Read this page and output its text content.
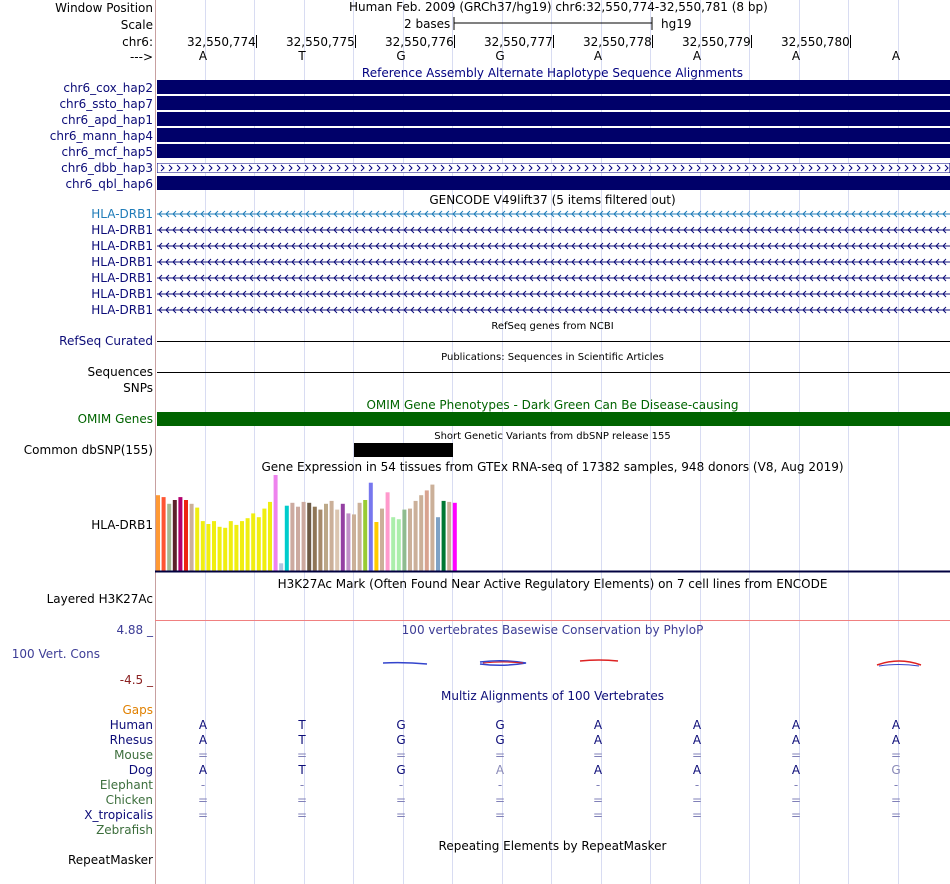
Window Position	Human Feb. 2009 (GRCh37/hg19) chr6:32,550,774-32,550,781 (8 bp)
Scale	2 bases	hg19
chr6:	32,550,774	32,550,775	32,550,776	32,550,777	32,550,778	32,550,779	32,550,780
--->	A	T	G	G	A	A	A	A
Reference Assembly Alternate Haplotype Sequence Alignments
chr6_cox_hap2
chr6_ssto_hap7
chr6_apd_hap1
chr6_mann_hap4
chr6_mcf_hap5
chr6_dbb_hap3
chr6_qbl_hap6
GENCODE V49lift37 (5 items filtered out)
HLA-DRB1
HLA-DRB1
HLA-DRB1
HLA-DRB1
HLA-DRB1
HLA-DRB1
HLA-DRB1
RefSeq genes from NCBI
RefSeq Curated
Publications: Sequences in Scientific Articles
Sequences
SNPs
OMIM Gene Phenotypes - Dark Green Can Be Disease-causing
OMIM Genes
Short Genetic Variants from dbSNP release 155
Common dbSNP(155)
Gene Expression in 54 tissues from GTEx RNA-seq of 17382 samples, 948 donors (V8, Aug 2019)
HLA-DRB1
H3K27Ac Mark (Often Found Near Active Regulatory Elements) on 7 cell lines from ENCODE
Layered H3K27Ac
100 vertebrates Basewise Conservation by PhyloP
4.88 _
100 Vert. Cons
-4.5 _
Multiz Alignments of 100 Vertebrates
Gaps
Human	A	T	G	G	A	A	A	A
Rhesus	A	T	G	G	A	A	A	A
Mouse	=	=	=	=	=	=	=	=
Dog	A	T	G	A	A	A	A	G
Elephant	-	-	-	-	-	-	-	-
Chicken	=	=	=	=	=	=	=	=
X_tropicalis	=	=	=	=	=	=	=	=
Zebrafish
Repeating Elements by RepeatMasker
RepeatMasker
